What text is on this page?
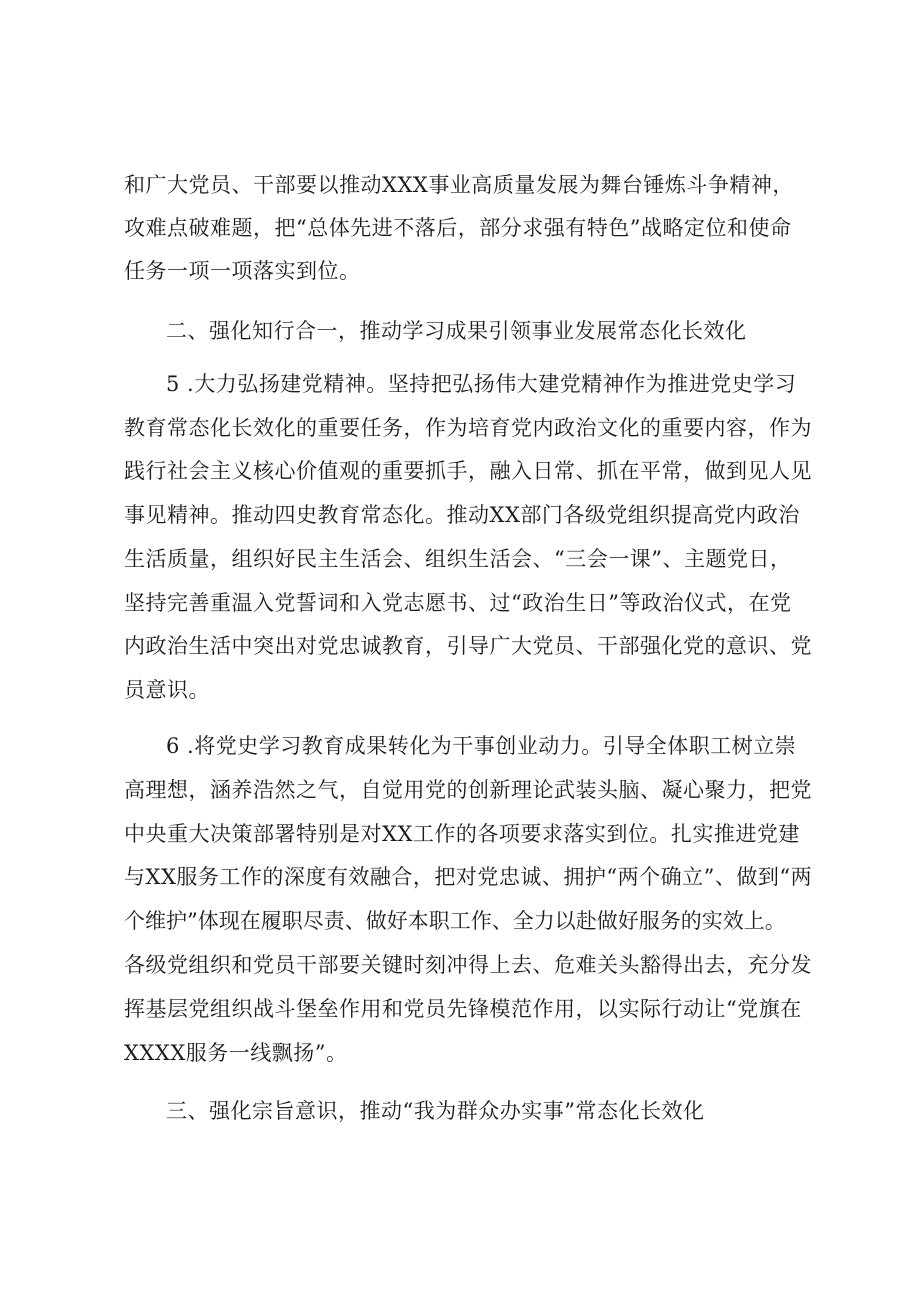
和广大党员、干部要以推动XXX事业高质量发展为舞台锤炼斗争精神，

攻难点破难题，把“总体先进不落后，部分求强有特色”战略定位和使命

任务一项一项落实到位。

二、强化知行合一，推动学习成果引领事业发展常态化长效化

5 .大力弘扬建党精神。坚持把弘扬伟大建党精神作为推进党史学习

教育常态化长效化的重要任务，作为培育党内政治文化的重要内容，作为

践行社会主义核心价值观的重要抓手，融入日常、抓在平常，做到见人见

事见精神。推动四史教育常态化。推动XX部门各级党组织提高党内政治

生活质量，组织好民主生活会、组织生活会、“三会一课”、主题党日，

坚持完善重温入党誓词和入党志愿书、过“政治生日”等政治仪式，在党

内政治生活中突出对党忠诚教育，引导广大党员、干部强化党的意识、党

员意识。

6 .将党史学习教育成果转化为干事创业动力。引导全体职工树立崇

高理想，涵养浩然之气，自觉用党的创新理论武装头脑、凝心聚力，把党

中央重大决策部署特别是对XX工作的各项要求落实到位。扎实推进党建

与XX服务工作的深度有效融合，把对党忠诚、拥护“两个确立”、做到“两

个维护”体现在履职尽责、做好本职工作、全力以赴做好服务的实效上。

各级党组织和党员干部要关键时刻冲得上去、危难关头豁得出去，充分发

挥基层党组织战斗堡垒作用和党员先锋模范作用，以实际行动让“党旗在

XXXX服务一线飘扬”。

三、强化宗旨意识，推动“我为群众办实事”常态化长效化
